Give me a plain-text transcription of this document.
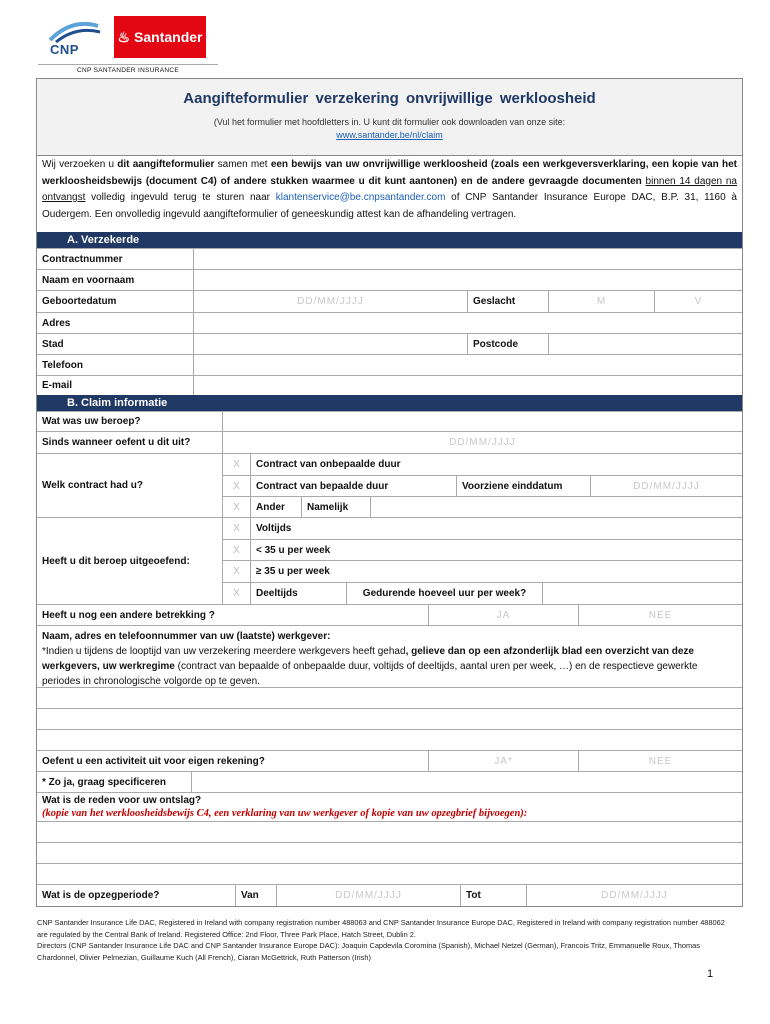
CNP
♨ Santander
CNP SANTANDER INSURANCE
Aangifteformulier verzekering onvrijwillige werkloosheid
(Vul het formulier met hoofdletters in. U kunt dit formulier ook downloaden van onze site:
www.santander.be/nl/claim
Wij verzoeken u dit aangifteformulier samen met een bewijs van uw onvrijwillige werkloosheid (zoals een werkgeversverklaring, een kopie van het werkloosheidsbewijs (document C4) of andere stukken waarmee u dit kunt aantonen) en de andere gevraagde documenten binnen 14 dagen na ontvangst volledig ingevuld terug te sturen naar klantenservice@be.cnpsantander.com of CNP Santander Insurance Europe DAC, B.P. 31, 1160 à Oudergem. Een onvolledig ingevuld aangifteformulier of geneeskundig attest kan de afhandeling vertragen.
A. Verzekerde
Contractnummer
Naam en voornaam
Geboortedatum	DD/MM/JJJJ	Geslacht	M	V
Adres
Stad	Postcode
Telefoon
E-mail
B. Claim informatie
Wat was uw beroep?
Sinds wanneer oefent u dit uit?	DD/MM/JJJJ
Welk contract had u?
X	Contract van onbepaalde duur
X	Contract van bepaalde duur	Voorziene einddatum	DD/MM/JJJJ
X	Ander	Namelijk
Heeft u dit beroep uitgeoefend:
X	Voltijds
X	< 35 u per week
X	≥ 35 u per week
X	Deeltijds	Gedurende hoeveel uur per week?
Heeft u nog een andere betrekking ?	JA	NEE
Naam, adres en telefoonnummer van uw (laatste) werkgever:
*Indien u tijdens de looptijd van uw verzekering meerdere werkgevers heeft gehad, gelieve dan op een afzonderlijk blad een overzicht van deze werkgevers, uw werkregime (contract van bepaalde of onbepaalde duur, voltijds of deeltijds, aantal uren per week, …) en de respectieve gewerkte periodes in chronologische volgorde op te geven.
Oefent u een activiteit uit voor eigen rekening?	JA*	NEE
* Zo ja, graag specificeren
Wat is de reden voor uw ontslag?
(kopie van het werkloosheidsbewijs C4, een verklaring van uw werkgever of kopie van uw opzegbrief bijvoegen):
Wat is de opzegperiode?	Van	DD/MM/JJJJ	Tot	DD/MM/JJJJ
CNP Santander Insurance Life DAC, Registered in Ireland with company registration number 488063 and CNP Santander Insurance Europe DAC, Registered in Ireland with company registration number 488062 are regulated by the Central Bank of Ireland. Registered Office: 2nd Floor, Three Park Place, Hatch Street, Dublin 2.
Directors (CNP Santander Insurance Life DAC and CNP Santander Insurance Europe DAC): Joaquin Capdevila Coromina (Spanish), Michael Netzel (German), Francois Tritz, Emmanuelle Roux, Thomas Chardonnel, Olivier Pelmezian, Guillaume Kuch (All French), Ciaran McGettrick, Ruth Patterson (Irish)
1
